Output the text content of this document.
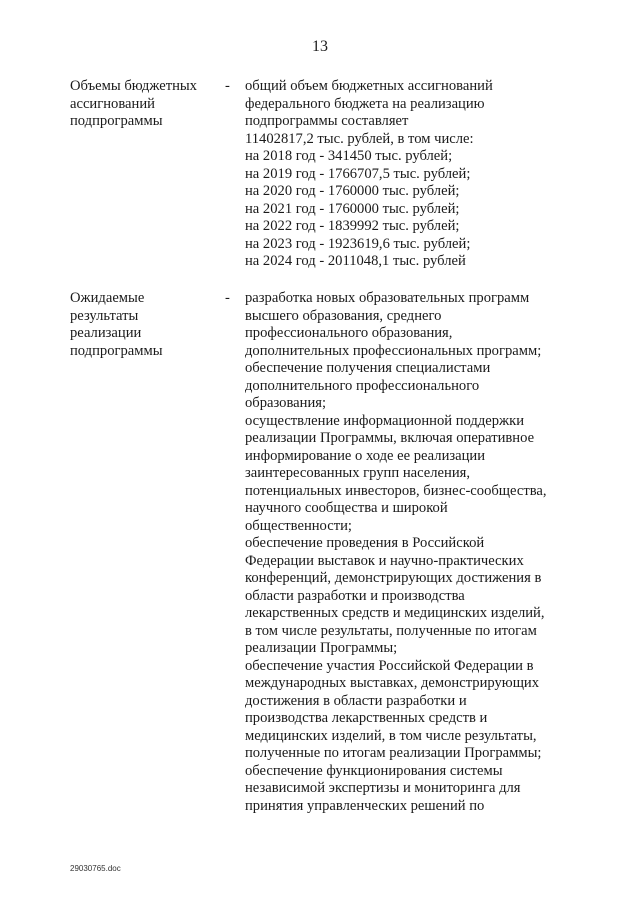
13
Объемы бюджетных
ассигнований
подпрограммы
-	общий объем бюджетных ассигнований
федерального бюджета на реализацию
подпрограммы составляет
11402817,2 тыс. рублей, в том числе:
на 2018 год - 341450 тыс. рублей;
на 2019 год - 1766707,5 тыс. рублей;
на 2020 год - 1760000 тыс. рублей;
на 2021 год - 1760000 тыс. рублей;
на 2022 год - 1839992 тыс. рублей;
на 2023 год - 1923619,6 тыс. рублей;
на 2024 год - 2011048,1 тыс. рублей
Ожидаемые
результаты
реализации
подпрограммы
-	разработка новых образовательных программ
высшего образования, среднего
профессионального образования,
дополнительных профессиональных программ;
обеспечение получения специалистами
дополнительного профессионального
образования;
осуществление информационной поддержки
реализации Программы, включая оперативное
информирование о ходе ее реализации
заинтересованных групп населения,
потенциальных инвесторов, бизнес-сообщества,
научного сообщества и широкой
общественности;
обеспечение проведения в Российской
Федерации выставок и научно-практических
конференций, демонстрирующих достижения в
области разработки и производства
лекарственных средств и медицинских изделий,
в том числе результаты, полученные по итогам
реализации Программы;
обеспечение участия Российской Федерации в
международных выставках, демонстрирующих
достижения в области разработки и
производства лекарственных средств и
медицинских изделий, в том числе результаты,
полученные по итогам реализации Программы;
обеспечение функционирования системы
независимой экспертизы и мониторинга для
принятия управленческих решений по
29030765.doc
